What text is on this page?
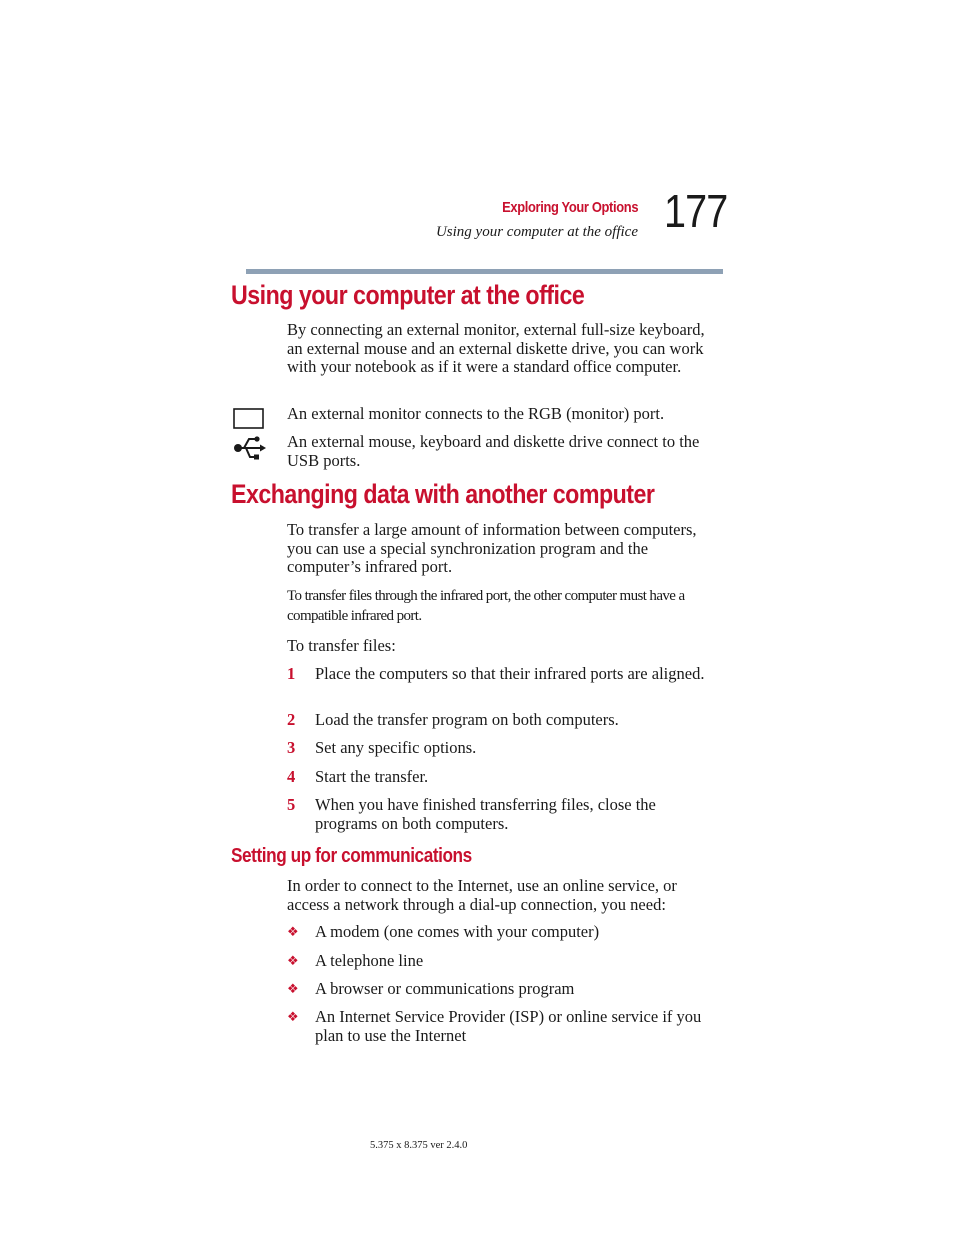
Exploring Your Options
Using your computer at the office 177
Using your computer at the office

By connecting an external monitor, external full-size keyboard, an external mouse and an external diskette drive, you can work with your notebook as if it were a standard office computer.

An external monitor connects to the RGB (monitor) port.

An external mouse, keyboard and diskette drive connect to the USB ports.

Exchanging data with another computer

To transfer a large amount of information between computers, you can use a special synchronization program and the computer’s infrared port.

To transfer files through the infrared port, the other computer must have a compatible infrared port.

To transfer files:

1	Place the computers so that their infrared ports are aligned.
2	Load the transfer program on both computers.
3	Set any specific options.
4	Start the transfer.
5	When you have finished transferring files, close the programs on both computers.
Setting up for communications

In order to connect to the Internet, use an online service, or access a network through a dial-up connection, you need:

❖ A modem (one comes with your computer)
❖ A telephone line
❖ A browser or communications program
❖ An Internet Service Provider (ISP) or online service if you plan to use the Internet
5.375 x 8.375 ver 2.4.0
